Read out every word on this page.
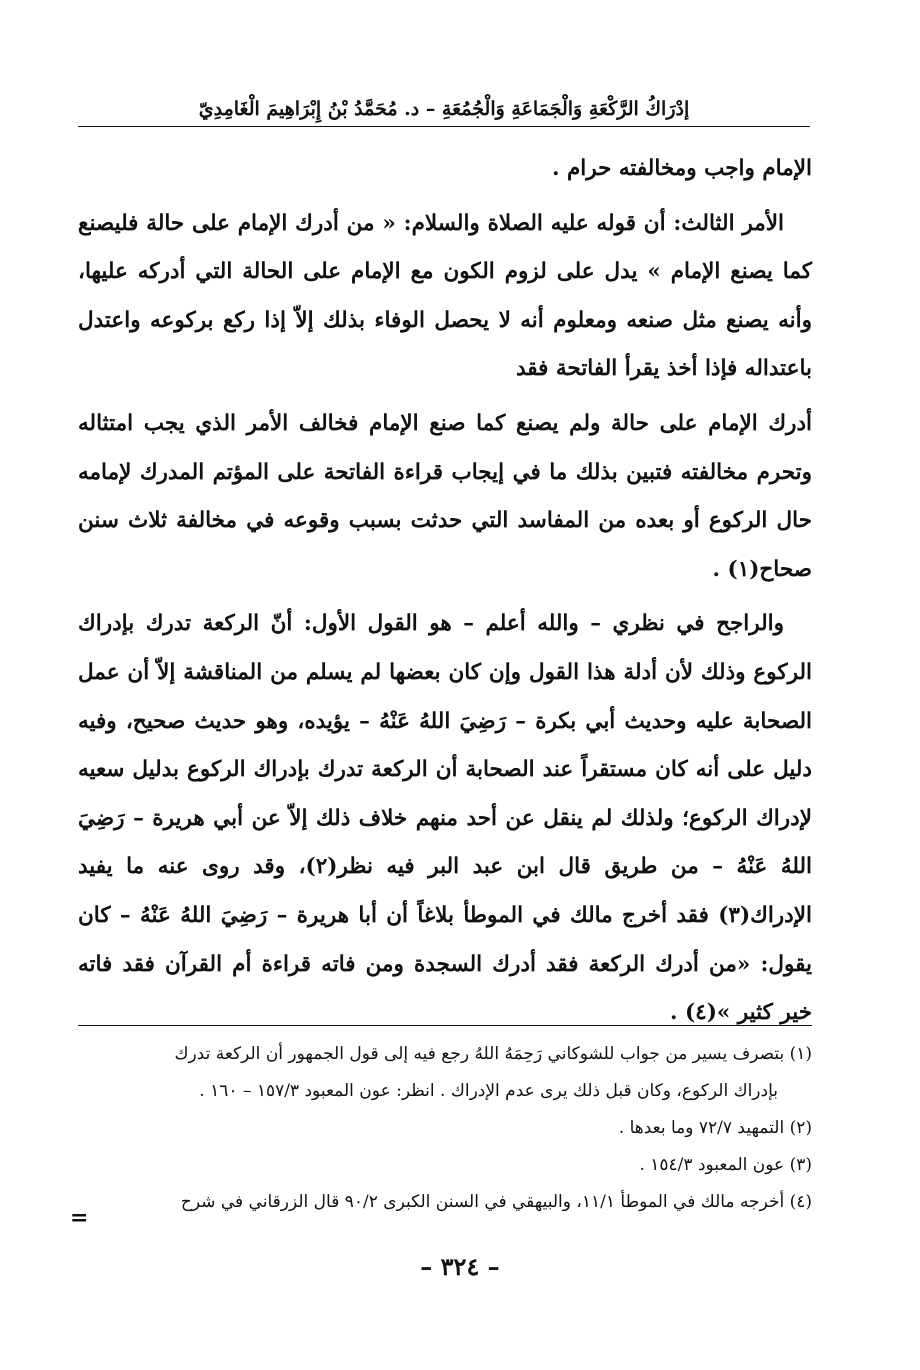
إدْرَاكُ الرَّكْعَةِ وَالْجَمَاعَةِ وَالْجُمُعَةِ – د. مُحَمَّدُ بْنُ إِبْرَاهِيمَ الْغَامِدِيّ

الإمام واجب ومخالفته حرام .

الأمر الثالث: أن قوله عليه الصلاة والسلام: « من أدرك الإمام على حالة فليصنع كما يصنع الإمام » يدل على لزوم الكون مع الإمام على الحالة التي أدركه عليها، وأنه يصنع مثل صنعه ومعلوم أنه لا يحصل الوفاء بذلك إلاّ إذا ركع بركوعه واعتدل باعتداله فإذا أخذ يقرأ الفاتحة فقد

أدرك الإمام على حالة ولم يصنع كما صنع الإمام فخالف الأمر الذي يجب امتثاله وتحرم مخالفته فتبين بذلك ما في إيجاب قراءة الفاتحة على المؤتم المدرك لإمامه حال الركوع أو بعده من المفاسد التي حدثت بسبب وقوعه في مخالفة ثلاث سنن صحاح(١) .

والراجح في نظري – والله أعلم – هو القول الأول: أنّ الركعة تدرك بإدراك الركوع وذلك لأن أدلة هذا القول وإن كان بعضها لم يسلم من المناقشة إلاّ أن عمل الصحابة عليه وحديث أبي بكرة – رَضِيَ اللهُ عَنْهُ – يؤيده، وهو حديث صحيح، وفيه دليل على أنه كان مستقراً عند الصحابة أن الركعة تدرك بإدراك الركوع بدليل سعيه لإدراك الركوع؛ ولذلك لم ينقل عن أحد منهم خلاف ذلك إلاّ عن أبي هريرة – رَضِيَ اللهُ عَنْهُ – من طريق قال ابن عبد البر فيه نظر(٢)، وقد روى عنه ما يفيد الإدراك(٣) فقد أخرج مالك في الموطأ بلاغاً أن أبا هريرة – رَضِيَ اللهُ عَنْهُ – كان يقول: «من أدرك الركعة فقد أدرك السجدة ومن فاته قراءة أم القرآن فقد فاته خير كثير »(٤) .

(١) بتصرف يسير من جواب للشوكاني رَحِمَهُ اللهُ رجع فيه إلى قول الجمهور أن الركعة تدرك

بإدراك الركوع، وكان قبل ذلك يرى عدم الإدراك . انظر: عون المعبود ١٥٧/٣ – ١٦٠ .

(٢) التمهيد ٧٢/٧ وما بعدها .

(٣) عون المعبود ١٥٤/٣ .

(٤) أخرجه مالك في الموطأ ١١/١، والبيهقي في السنن الكبرى ٩٠/٢ قال الزرقاني في شرح

=
– ٣٢٤ –
